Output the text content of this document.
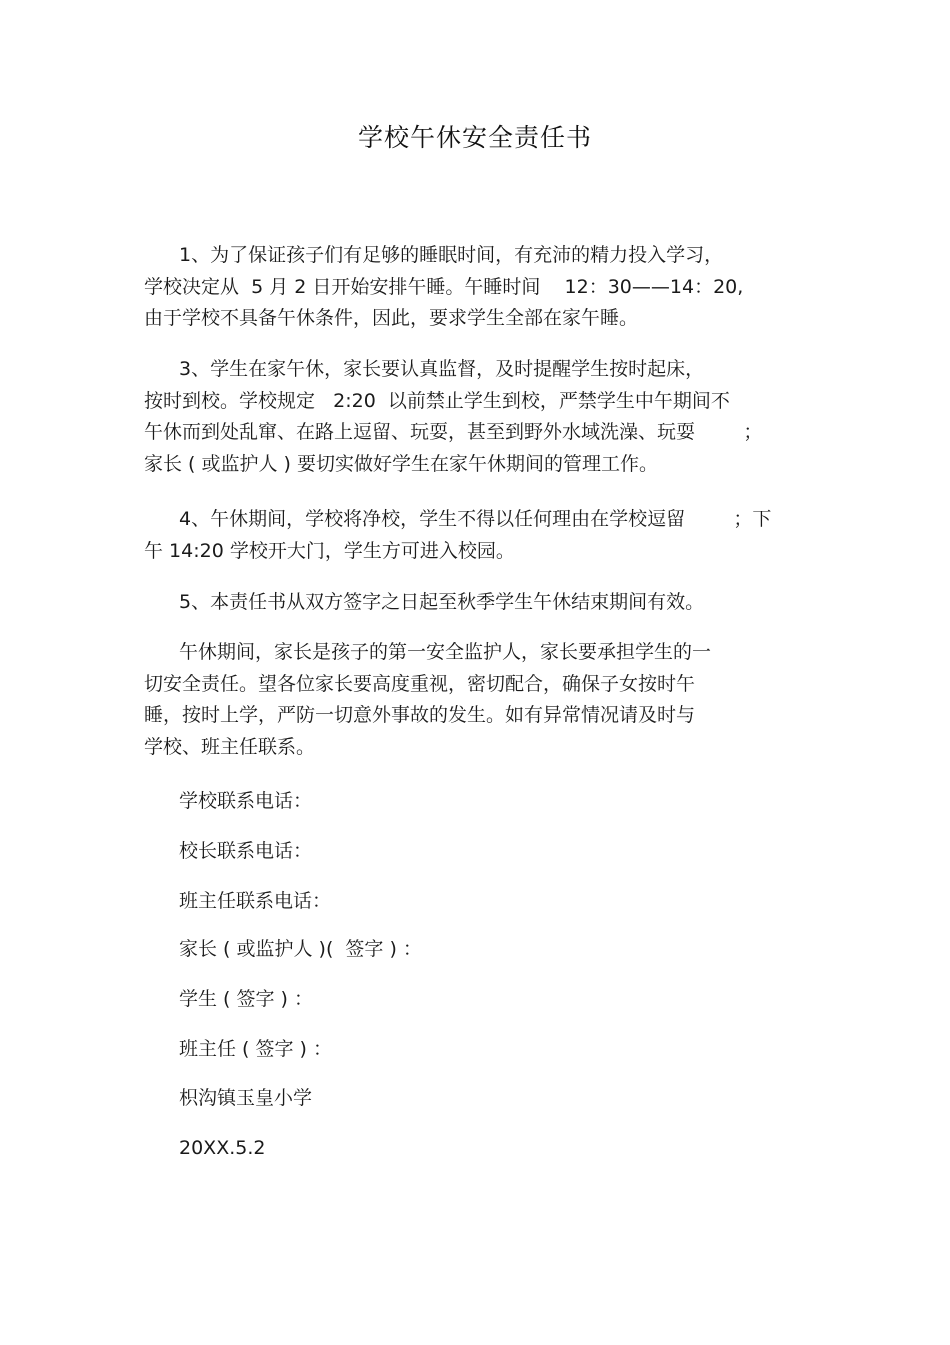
学校午休安全责任书
1、为了保证孩子们有足够的睡眠时间，有充沛的精力投入学习，
学校决定从  5 月 2 日开始安排午睡。午睡时间    12：30——14：20,
由于学校不具备午休条件，因此，要求学生全部在家午睡。
3、学生在家午休，家长要认真监督，及时提醒学生按时起床，
按时到校。学校规定   2:20  以前禁止学生到校，严禁学生中午期间不
午休而到处乱窜、在路上逗留、玩耍，甚至到野外水域洗澡、玩耍        ；
家长 ( 或监护人 ) 要切实做好学生在家午休期间的管理工作。
4、午休期间，学校将净校，学生不得以任何理由在学校逗留        ；下
午 14:20 学校开大门，学生方可进入校园。
5、本责任书从双方签字之日起至秋季学生午休结束期间有效。
午休期间，家长是孩子的第一安全监护人，家长要承担学生的一
切安全责任。望各位家长要高度重视，密切配合，确保子女按时午
睡，按时上学，严防一切意外事故的发生。如有异常情况请及时与
学校、班主任联系。
学校联系电话：
校长联系电话：
班主任联系电话：
家长 ( 或监护人 )(  签字 ) ：
学生 ( 签字 ) ：
班主任 ( 签字 ) ：
枳沟镇玉皇小学
20XX.5.2
